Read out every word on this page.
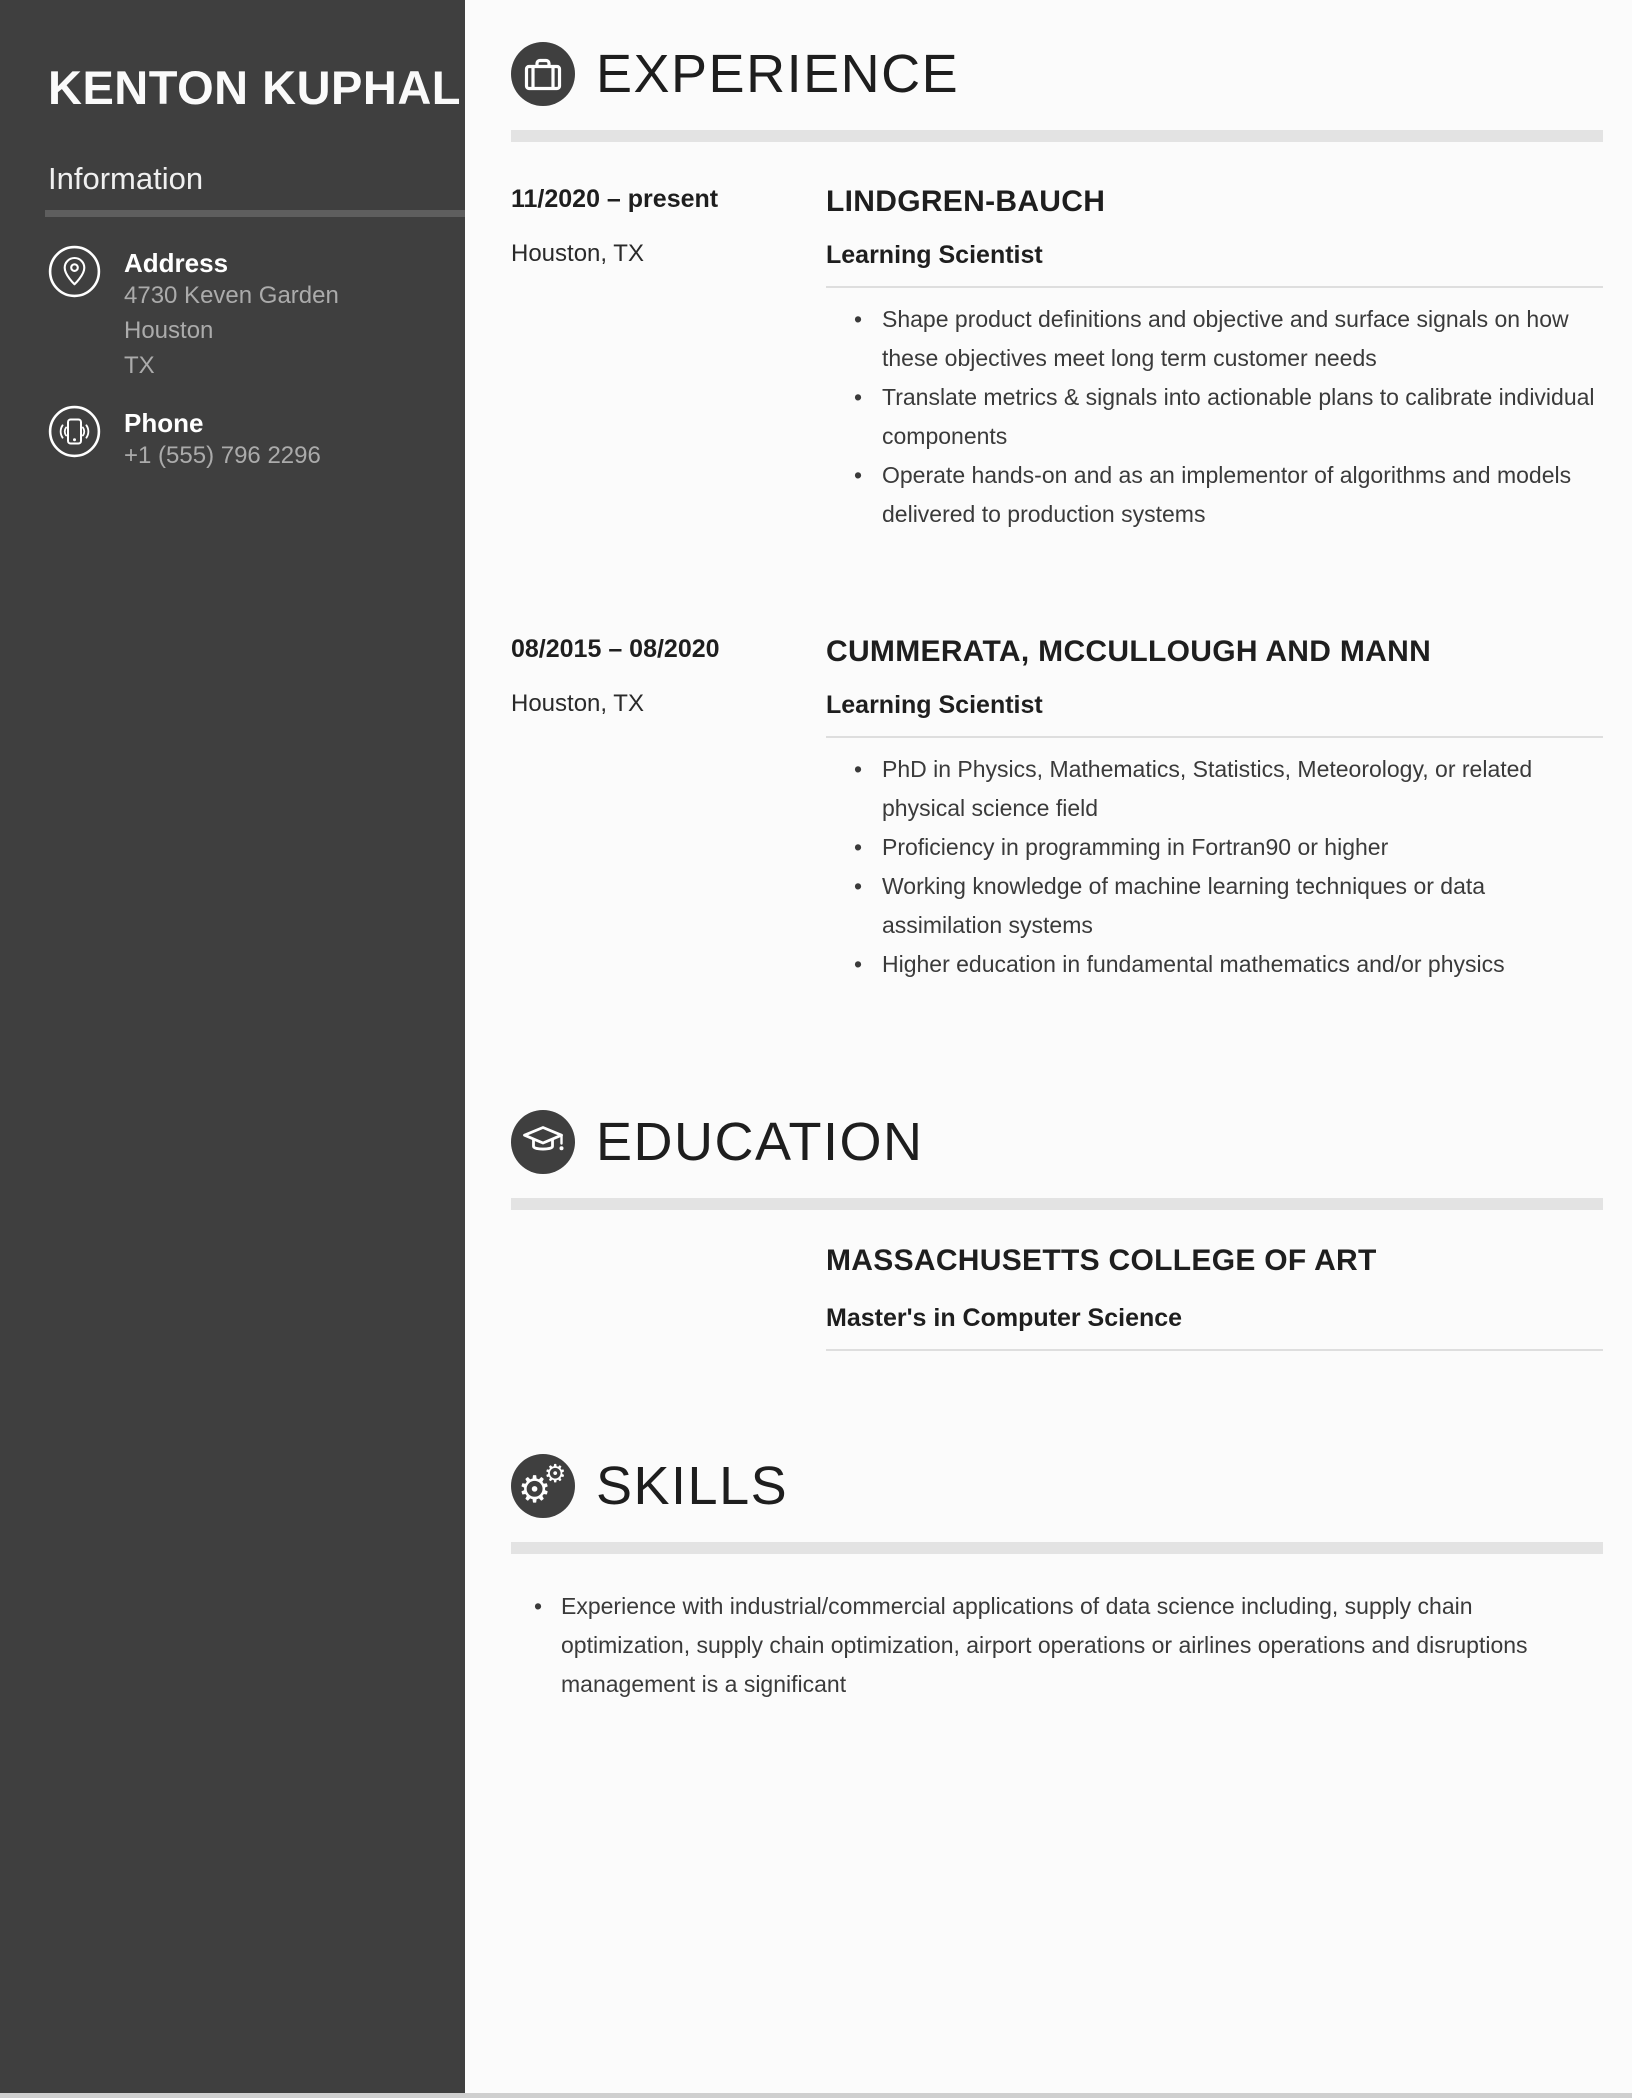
KENTON KUPHAL
Information
Address
4730 Keven Garden
Houston
TX
Phone
+1 (555) 796 2296
EXPERIENCE
11/2020 – present
Houston, TX
LINDGREN-BAUCH
Learning Scientist
• Shape product definitions and objective and surface signals on how these objectives meet long term customer needs
• Translate metrics & signals into actionable plans to calibrate individual components
• Operate hands-on and as an implementor of algorithms and models delivered to production systems
08/2015 – 08/2020
Houston, TX
CUMMERATA, MCCULLOUGH AND MANN
Learning Scientist
• PhD in Physics, Mathematics, Statistics, Meteorology, or related physical science field
• Proficiency in programming in Fortran90 or higher
• Working knowledge of machine learning techniques or data assimilation systems
• Higher education in fundamental mathematics and/or physics
EDUCATION
MASSACHUSETTS COLLEGE OF ART
Master's in Computer Science
⚙
⚙ SKILLS
• Experience with industrial/commercial applications of data science including, supply chain optimization, supply chain optimization, airport operations or airlines operations and disruptions management is a significant
